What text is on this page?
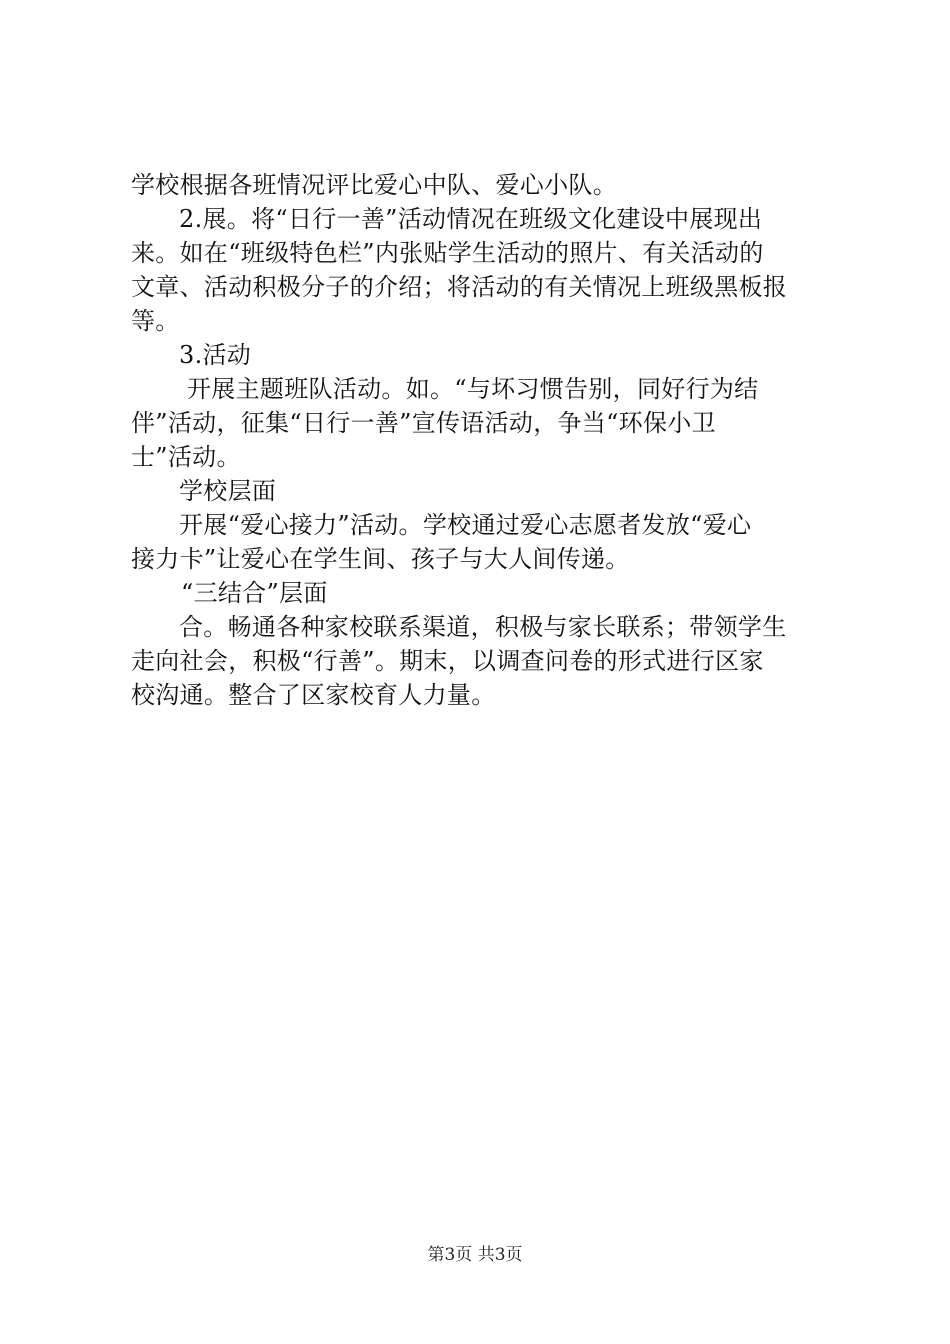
学校根据各班情况评比爱心中队、爱心小队。
2.展。将“日行一善”活动情况在班级文化建设中展现出
来。如在“班级特色栏”内张贴学生活动的照片、有关活动的
文章、活动积极分子的介绍；将活动的有关情况上班级黑板报
等。
3.活动
开展主题班队活动。如。“与坏习惯告别，同好行为结
伴”活动，征集“日行一善”宣传语活动，争当“环保小卫
士”活动。
学校层面
开展“爱心接力”活动。学校通过爱心志愿者发放“爱心
接力卡”让爱心在学生间、孩子与大人间传递。
“三结合”层面
合。畅通各种家校联系渠道，积极与家长联系；带领学生
走向社会，积极“行善”。期末，以调查问卷的形式进行区家
校沟通。整合了区家校育人力量。
第3页 共3页
